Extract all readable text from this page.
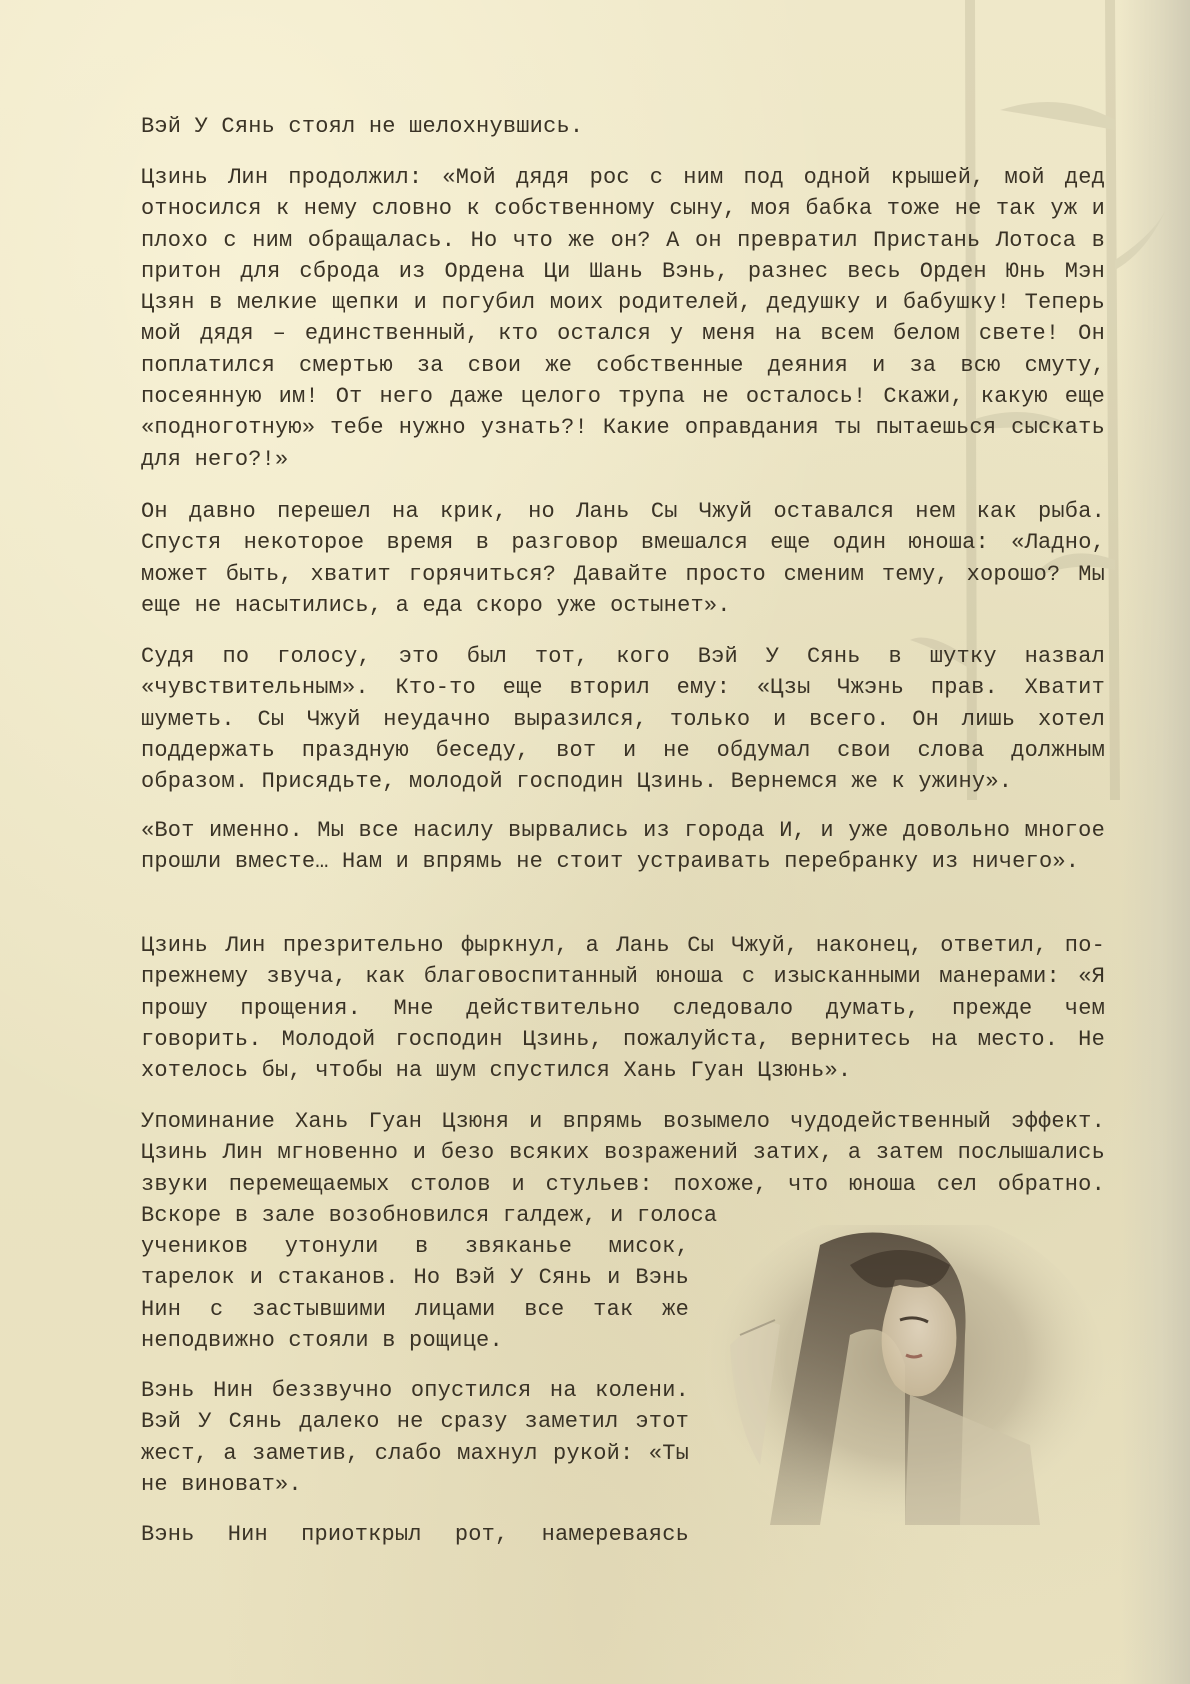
Вэй У Сянь стоял не шелохнувшись.

Цзинь Лин продолжил: «Мой дядя рос с ним под одной крышей, мой дед относился к нему словно к собственному сыну, моя бабка тоже не так уж и плохо с ним обращалась. Но что же он? А он превратил Пристань Лотоса в притон для сброда из Ордена Ци Шань Вэнь, разнес весь Орден Юнь Мэн Цзян в мелкие щепки и погубил моих родителей, дедушку и бабушку! Теперь мой дядя – единственный, кто остался у меня на всем белом свете! Он поплатился смертью за свои же собственные деяния и за всю смуту, посеянную им! От него даже целого трупа не осталось! Скажи, какую еще «подноготную» тебе нужно узнать?! Какие оправдания ты пытаешься сыскать для него?!»

Он давно перешел на крик, но Лань Сы Чжуй оставался нем как рыба. Спустя некоторое время в разговор вмешался еще один юноша: «Ладно, может быть, хватит горячиться? Давайте просто сменим тему, хорошо? Мы еще не насытились, а еда скоро уже остынет».

Судя по голосу, это был тот, кого Вэй У Сянь в шутку назвал «чувствительным». Кто-то еще вторил ему: «Цзы Чжэнь прав. Хватит шуметь. Сы Чжуй неудачно выразился, только и всего. Он лишь хотел поддержать праздную беседу, вот и не обдумал свои слова должным образом. Присядьте, молодой господин Цзинь. Вернемся же к ужину».

«Вот именно. Мы все насилу вырвались из города И, и уже довольно многое прошли вместе… Нам и впрямь не стоит устраивать перебранку из ничего».

Цзинь Лин презрительно фыркнул, а Лань Сы Чжуй, наконец, ответил, по-прежнему звуча, как благовоспитанный юноша с изысканными манерами: «Я прошу прощения. Мне действительно следовало думать, прежде чем говорить. Молодой господин Цзинь, пожалуйста, вернитесь на место. Не хотелось бы, чтобы на шум спустился Хань Гуан Цзюнь».

Упоминание Хань Гуан Цзюня и впрямь возымело чудодейственный эффект. Цзинь Лин мгновенно и безо всяких возражений затих, а затем послышались звуки перемещаемых столов и стульев: похоже, что юноша сел обратно. Вскоре в зале возобновился галдеж, и голоса

учеников утонули в звяканье мисок, тарелок и стаканов. Но Вэй У Сянь и Вэнь Нин с застывшими лицами все так же неподвижно стояли в рощице.

Вэнь Нин беззвучно опустился на колени. Вэй У Сянь далеко не сразу заметил этот жест, а заметив, слабо махнул рукой: «Ты не виноват».

Вэнь Нин приоткрыл рот, намереваясь
